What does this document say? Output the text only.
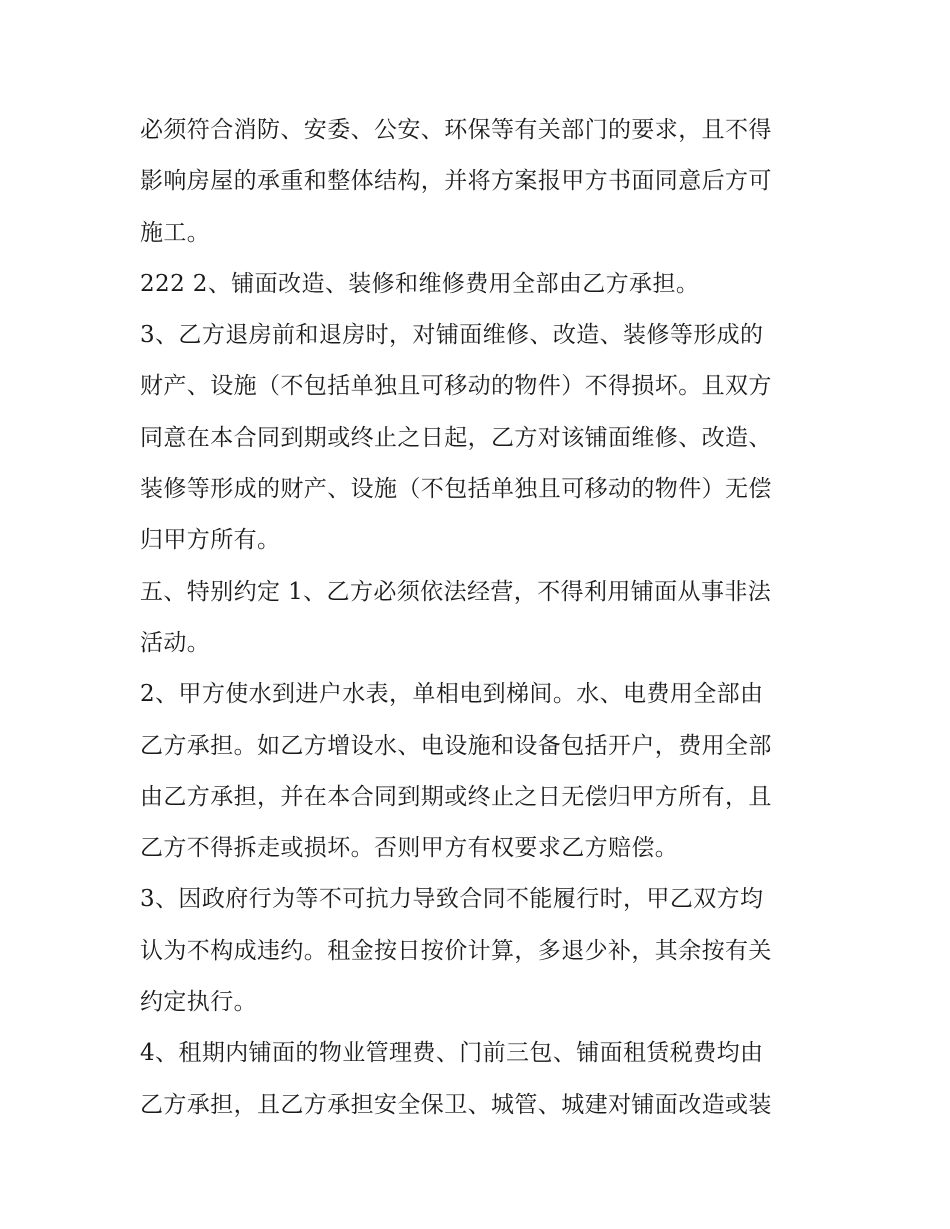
必须符合消防、安委、公安、环保等有关部门的要求，且不得
影响房屋的承重和整体结构，并将方案报甲方书面同意后方可
施工。
222 2、铺面改造、装修和维修费用全部由乙方承担。
3、乙方退房前和退房时，对铺面维修、改造、装修等形成的
财产、设施（不包括单独且可移动的物件）不得损坏。且双方
同意在本合同到期或终止之日起，乙方对该铺面维修、改造、
装修等形成的财产、设施（不包括单独且可移动的物件）无偿
归甲方所有。
五、特别约定 1、乙方必须依法经营，不得利用铺面从事非法
活动。
2、甲方使水到进户水表，单相电到梯间。水、电费用全部由
乙方承担。如乙方增设水、电设施和设备包括开户，费用全部
由乙方承担，并在本合同到期或终止之日无偿归甲方所有，且
乙方不得拆走或损坏。否则甲方有权要求乙方赔偿。
3、因政府行为等不可抗力导致合同不能履行时，甲乙双方均
认为不构成违约。租金按日按价计算，多退少补，其余按有关
约定执行。
4、租期内铺面的物业管理费、门前三包、铺面租赁税费均由
乙方承担，且乙方承担安全保卫、城管、城建对铺面改造或装
